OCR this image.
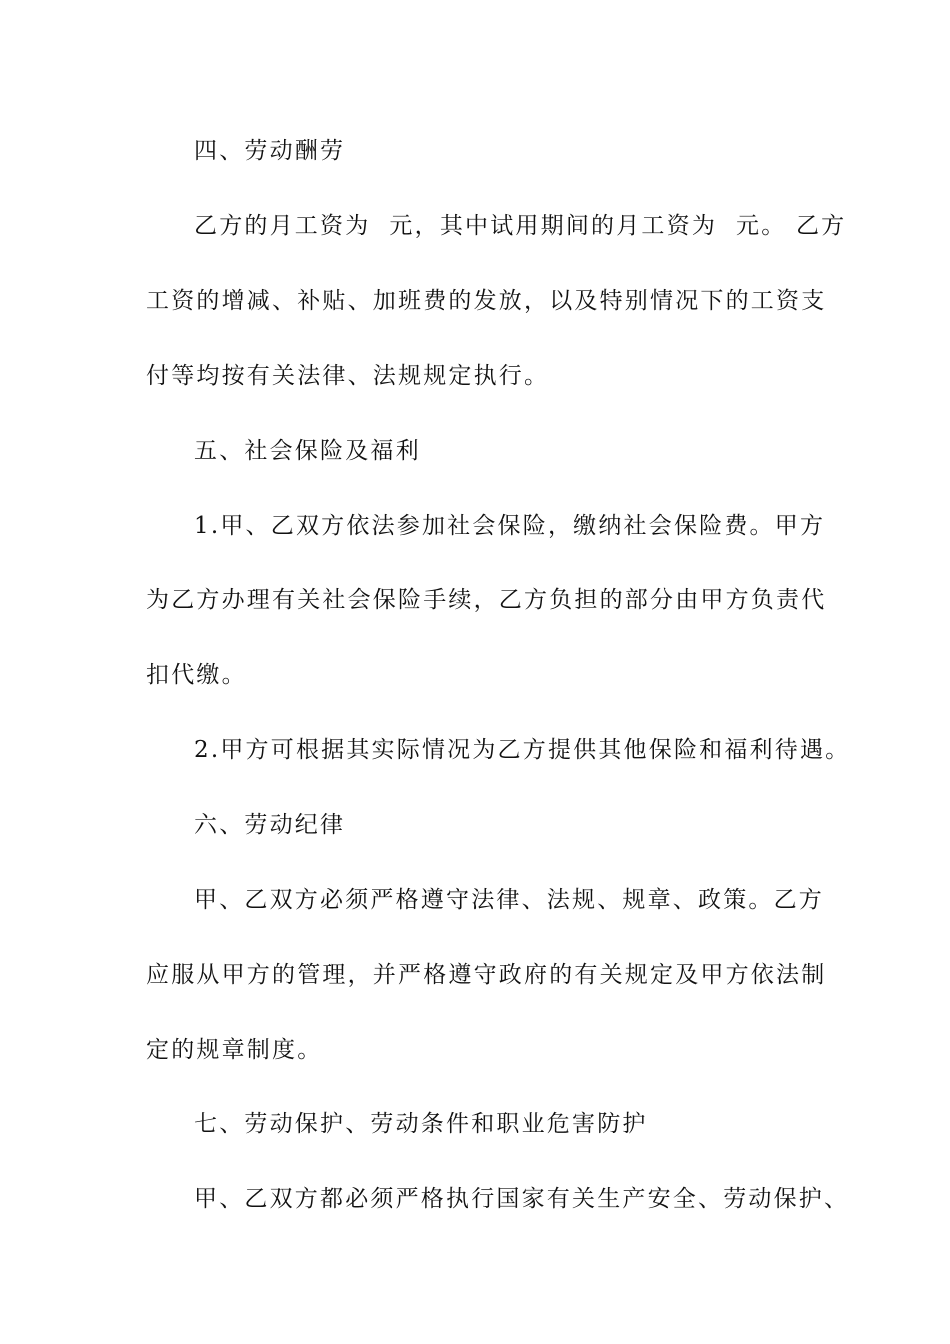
四、劳动酬劳
乙方的月工资为  元，其中试用期间的月工资为  元。 乙方
工资的增减、补贴、加班费的发放，以及特别情况下的工资支
付等均按有关法律、法规规定执行。
五、社会保险及福利
1.甲、乙双方依法参加社会保险，缴纳社会保险费。甲方
为乙方办理有关社会保险手续，乙方负担的部分由甲方负责代
扣代缴。
2.甲方可根据其实际情况为乙方提供其他保险和福利待遇。
六、劳动纪律
甲、乙双方必须严格遵守法律、法规、规章、政策。乙方
应服从甲方的管理，并严格遵守政府的有关规定及甲方依法制
定的规章制度。
七、劳动保护、劳动条件和职业危害防护
甲、乙双方都必须严格执行国家有关生产安全、劳动保护、
